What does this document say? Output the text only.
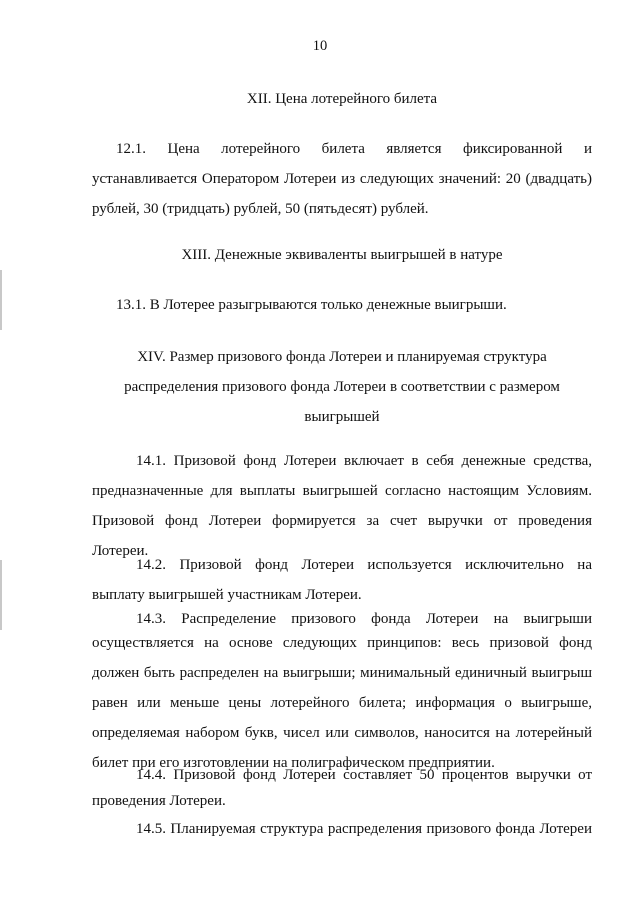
10
XII. Цена лотерейного билета
12.1. Цена лотерейного билета является фиксированной и
устанавливается Оператором Лотереи из следующих значений: 20 (двадцать)
рублей, 30 (тридцать) рублей, 50 (пятьдесят) рублей.
XIII. Денежные эквиваленты выигрышей в натуре
13.1. В Лотерее разыгрываются только денежные выигрыши.
XIV. Размер призового фонда Лотереи и планируемая структура
распределения призового фонда Лотереи в соответствии с размером
выигрышей
14.1. Призовой фонд Лотереи включает в себя денежные средства,
предназначенные для выплаты выигрышей согласно настоящим Условиям.
Призовой фонд Лотереи формируется за счет выручки от проведения
Лотереи.
14.2. Призовой фонд Лотереи используется исключительно на
выплату выигрышей участникам Лотереи.
14.3. Распределение призового фонда Лотереи на выигрыши
осуществляется на основе следующих принципов: весь призовой фонд
должен быть распределен на выигрыши; минимальный единичный выигрыш
равен или меньше цены лотерейного билета; информация о выигрыше,
определяемая набором букв, чисел или символов, наносится на лотерейный
билет при его изготовлении на полиграфическом предприятии.
14.4. Призовой фонд Лотереи составляет 50 процентов выручки от
проведения Лотереи.
14.5. Планируемая структура распределения призового фонда Лотереи
